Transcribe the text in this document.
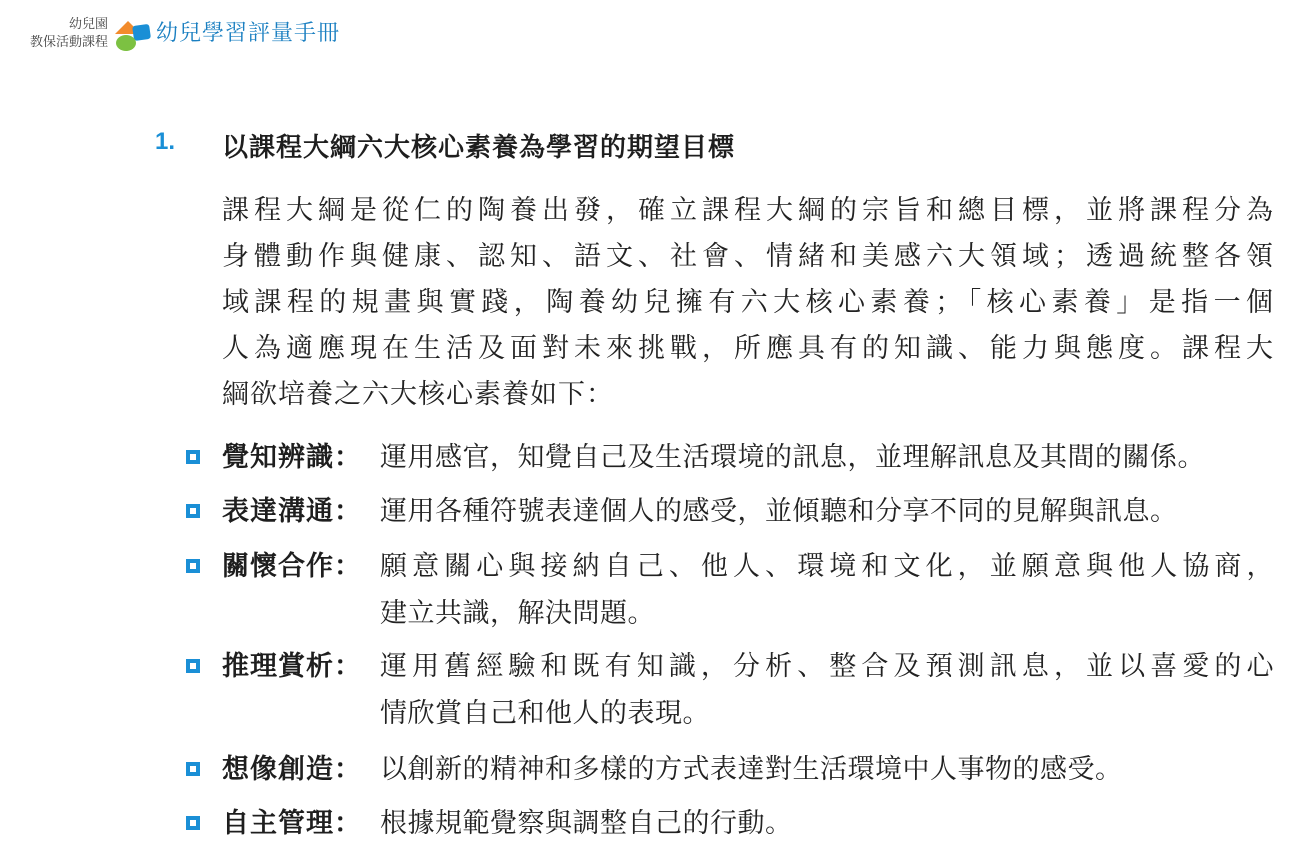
幼兒園
教保活動課程 幼兒學習評量手冊
1. 以課程大綱六大核心素養為學習的期望目標
課程大綱是從仁的陶養出發，確立課程大綱的宗旨和總目標，並將課程分為
身體動作與健康、認知、語文、社會、情緒和美感六大領域；透過統整各領
域課程的規畫與實踐，陶養幼兒擁有六大核心素養；「核心素養」是指一個
人為適應現在生活及面對未來挑戰，所應具有的知識、能力與態度。課程大
綱欲培養之六大核心素養如下：
覺知辨識： 運用感官，知覺自己及生活環境的訊息，並理解訊息及其間的關係。
表達溝通： 運用各種符號表達個人的感受，並傾聽和分享不同的見解與訊息。
關懷合作： 願意關心與接納自己、他人、環境和文化，並願意與他人協商，
建立共識，解決問題。
推理賞析： 運用舊經驗和既有知識，分析、整合及預測訊息，並以喜愛的心
情欣賞自己和他人的表現。
想像創造： 以創新的精神和多樣的方式表達對生活環境中人事物的感受。
自主管理： 根據規範覺察與調整自己的行動。
